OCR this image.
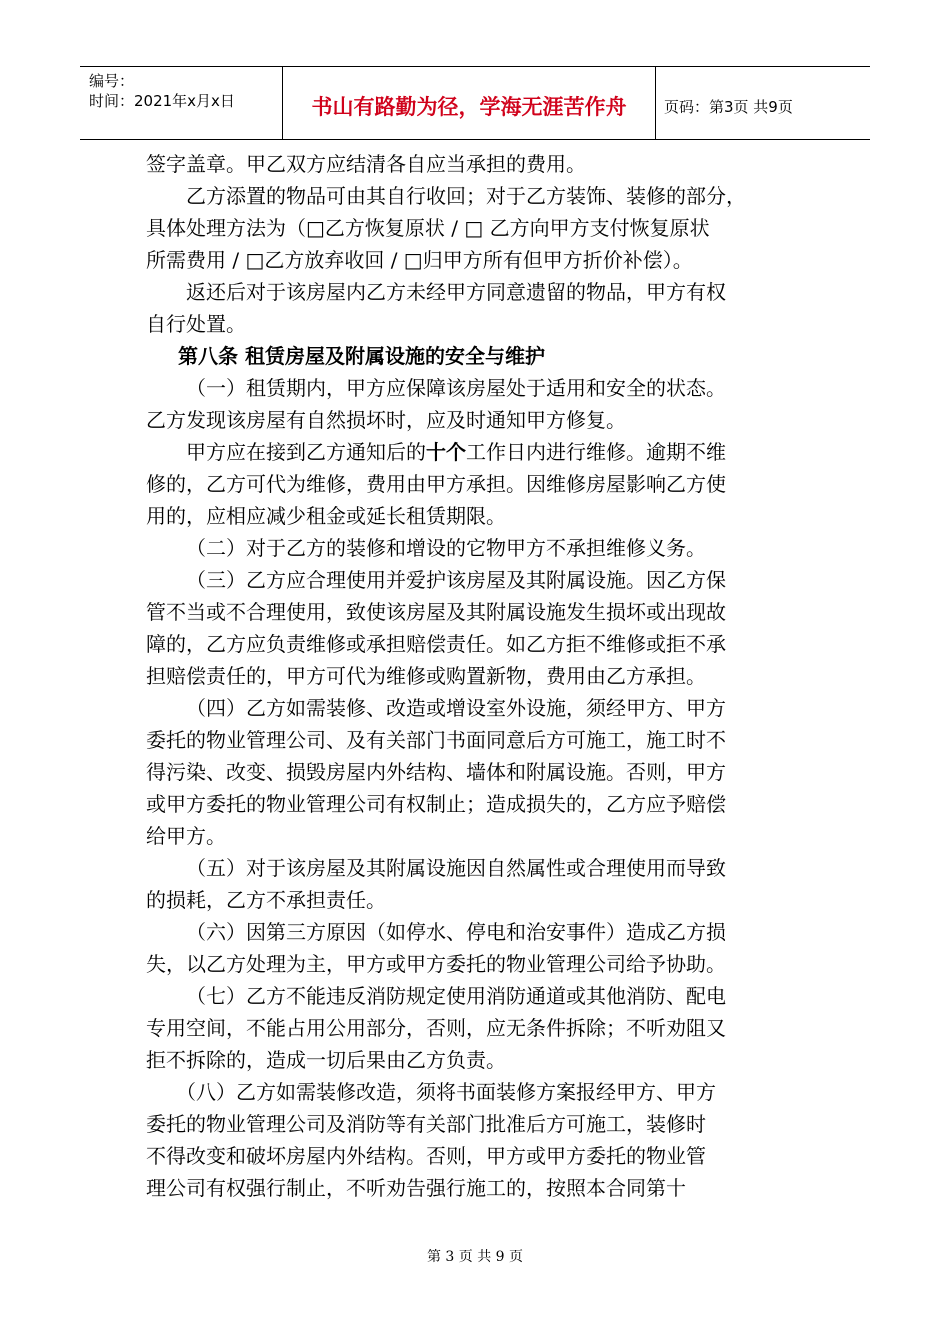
编号：
时间：2021年x月x日	书山有路勤为径，学海无涯苦作舟	页码：第3页 共9页

签字盖章。甲乙双方应结清各自应当承担的费用。

乙方添置的物品可由其自行收回；对于乙方装饰、装修的部分，

具体处理方法为（□乙方恢复原状 / □ 乙方向甲方支付恢复原状

所需费用 / □乙方放弃收回 / □归甲方所有但甲方折价补偿）。

返还后对于该房屋内乙方未经甲方同意遗留的物品，甲方有权

自行处置。

第八条 租赁房屋及附属设施的安全与维护

（一）租赁期内，甲方应保障该房屋处于适用和安全的状态。

乙方发现该房屋有自然损坏时，应及时通知甲方修复。

甲方应在接到乙方通知后的十个工作日内进行维修。逾期不维

修的，乙方可代为维修，费用由甲方承担。因维修房屋影响乙方使

用的，应相应减少租金或延长租赁期限。

（二）对于乙方的装修和增设的它物甲方不承担维修义务。

（三）乙方应合理使用并爱护该房屋及其附属设施。因乙方保

管不当或不合理使用，致使该房屋及其附属设施发生损坏或出现故

障的，乙方应负责维修或承担赔偿责任。如乙方拒不维修或拒不承

担赔偿责任的，甲方可代为维修或购置新物，费用由乙方承担。

（四）乙方如需装修、改造或增设室外设施，须经甲方、甲方

委托的物业管理公司、及有关部门书面同意后方可施工，施工时不

得污染、改变、损毁房屋内外结构、墙体和附属设施。否则，甲方

或甲方委托的物业管理公司有权制止；造成损失的，乙方应予赔偿

给甲方。

（五）对于该房屋及其附属设施因自然属性或合理使用而导致

的损耗，乙方不承担责任。

（六）因第三方原因（如停水、停电和治安事件）造成乙方损

失，以乙方处理为主，甲方或甲方委托的物业管理公司给予协助。

（七）乙方不能违反消防规定使用消防通道或其他消防、配电

专用空间，不能占用公用部分，否则，应无条件拆除；不听劝阻又

拒不拆除的，造成一切后果由乙方负责。

（八）乙方如需装修改造，须将书面装修方案报经甲方、甲方

委托的物业管理公司及消防等有关部门批准后方可施工，装修时

不得改变和破坏房屋内外结构。否则，甲方或甲方委托的物业管

理公司有权强行制止，不听劝告强行施工的，按照本合同第十

第 3 页 共 9 页
